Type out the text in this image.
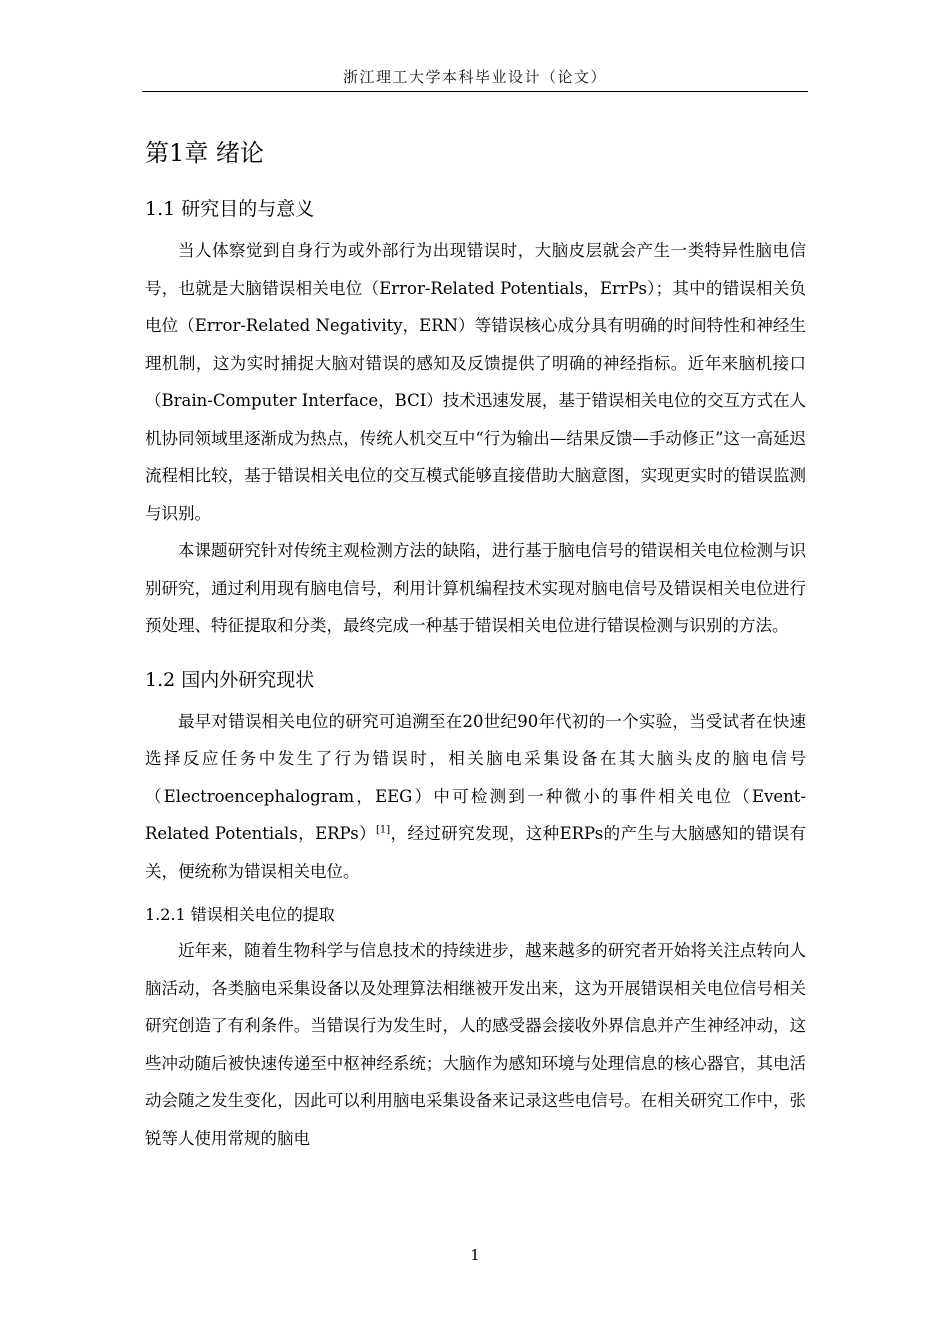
浙江理工大学本科毕业设计（论文）
第1章 绪论
1.1 研究目的与意义

当人体察觉到自身行为或外部行为出现错误时，大脑皮层就会产生一类特异性脑电信号，也就是大脑错误相关电位（Error-Related Potentials，ErrPs）；其中的错误相关负电位（Error-Related Negativity，ERN）等错误核心成分具有明确的时间特性和神经生理机制，这为实时捕捉大脑对错误的感知及反馈提供了明确的神经指标。近年来脑机接口（Brain-Computer Interface，BCI）技术迅速发展，基于错误相关电位的交互方式在人机协同领域里逐渐成为热点，传统人机交互中“行为输出—结果反馈—手动修正”这一高延迟流程相比较，基于错误相关电位的交互模式能够直接借助大脑意图，实现更实时的错误监测与识别。

本课题研究针对传统主观检测方法的缺陷，进行基于脑电信号的错误相关电位检测与识别研究，通过利用现有脑电信号，利用计算机编程技术实现对脑电信号及错误相关电位进行预处理、特征提取和分类，最终完成一种基于错误相关电位进行错误检测与识别的方法。

1.2 国内外研究现状

最早对错误相关电位的研究可追溯至在20世纪90年代初的一个实验，当受试者在快速选择反应任务中发生了行为错误时，相关脑电采集设备在其大脑头皮的脑电信号（Electroencephalogram，EEG）中可检测到一种微小的事件相关电位（Event-Related Potentials，ERPs）[1]，经过研究发现，这种ERPs的产生与大脑感知的错误有关，便统称为错误相关电位。

1.2.1 错误相关电位的提取

近年来，随着生物科学与信息技术的持续进步，越来越多的研究者开始将关注点转向人脑活动，各类脑电采集设备以及处理算法相继被开发出来，这为开展错误相关电位信号相关研究创造了有利条件。当错误行为发生时，人的感受器会接收外界信息并产生神经冲动，这些冲动随后被快速传递至中枢神经系统；大脑作为感知环境与处理信息的核心器官，其电活动会随之发生变化，因此可以利用脑电采集设备来记录这些电信号。在相关研究工作中，张锐等人使用常规的脑电

1
